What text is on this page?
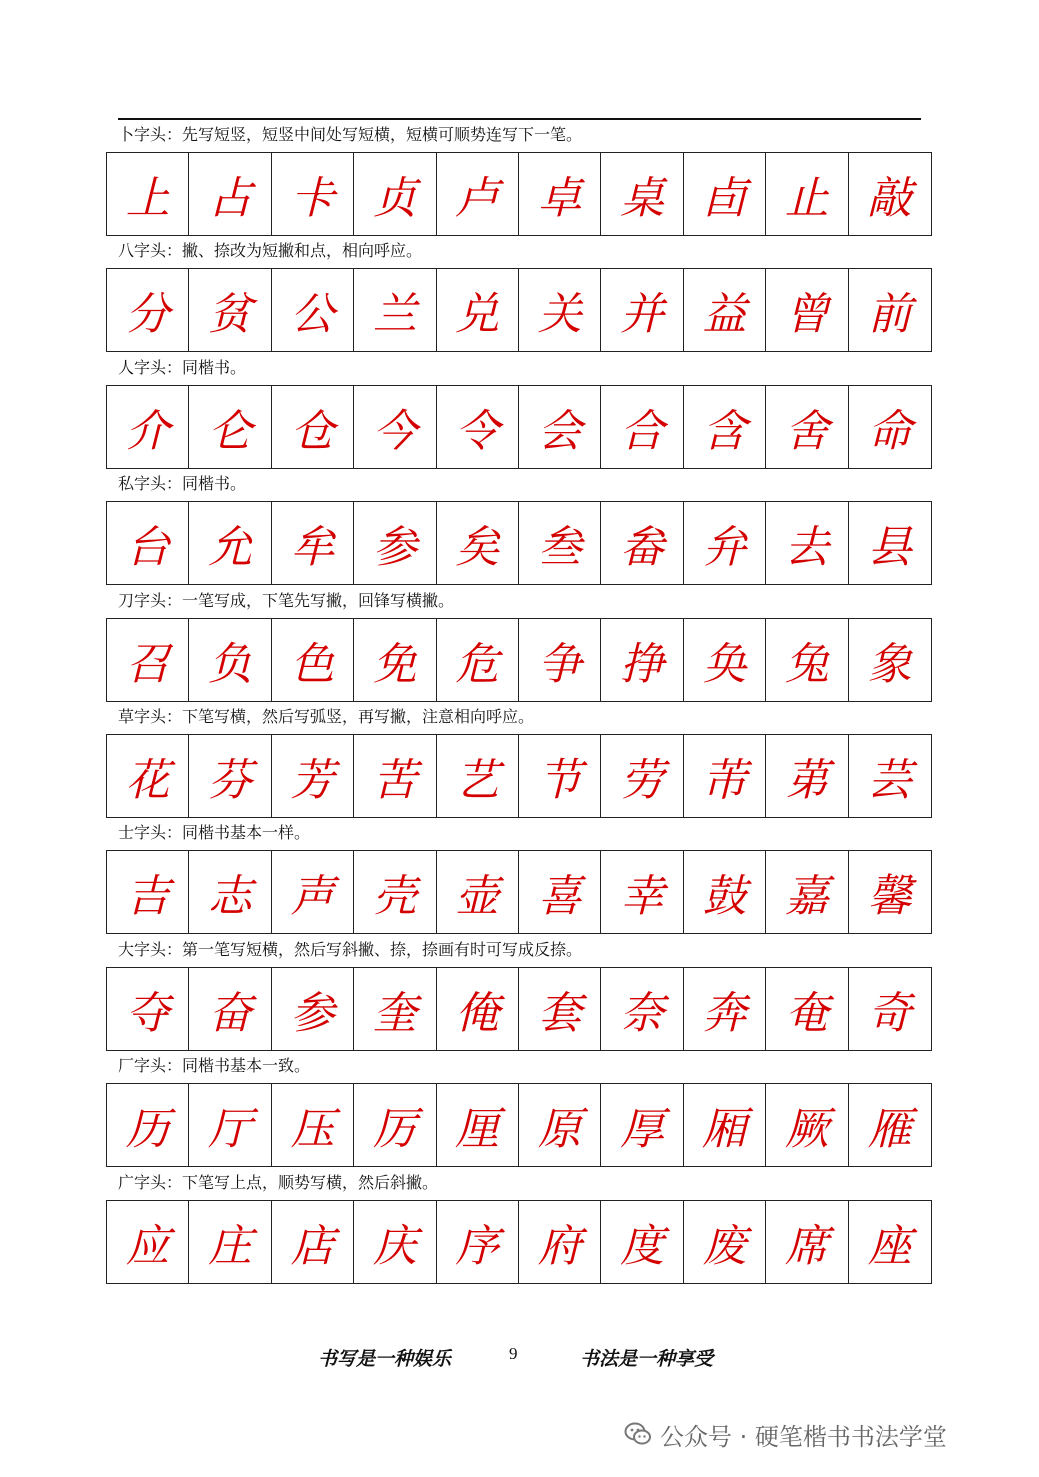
卜字头：先写短竖，短竖中间处写短横，短横可顺势连写下一笔。
上 占 卡 贞 卢 卓 桌 卣 止 敲
八字头：撇、捺改为短撇和点，相向呼应。
分 贫 公 兰 兑 关 并 益 曾 前
人字头：同楷书。
介 仑 仓 今 令 会 合 含 舍 命
私字头：同楷书。
台 允 牟 参 矣 叁 畚 弁 去 县
刀字头：一笔写成，下笔先写撇，回锋写横撇。
召 负 色 免 危 争 挣 奂 兔 象
草字头：下笔写横，然后写弧竖，再写撇，注意相向呼应。
花 芬 芳 苦 艺 节 劳 芾 苐 芸
士字头：同楷书基本一样。
吉 志 声 壳 壶 喜 幸 鼓 嘉 馨
大字头：第一笔写短横，然后写斜撇、捺，捺画有时可写成反捺。
夺 奋 参 奎 俺 套 奈 奔 奄 奇
厂字头：同楷书基本一致。
历 厅 压 厉 厘 原 厚 厢 厥 雁
广字头：下笔写上点，顺势写横，然后斜撇。
应 庄 店 庆 序 府 度 废 席 座
书写是一种娱乐	9	书法是一种享受
公众号 · 硬笔楷书书法学堂
